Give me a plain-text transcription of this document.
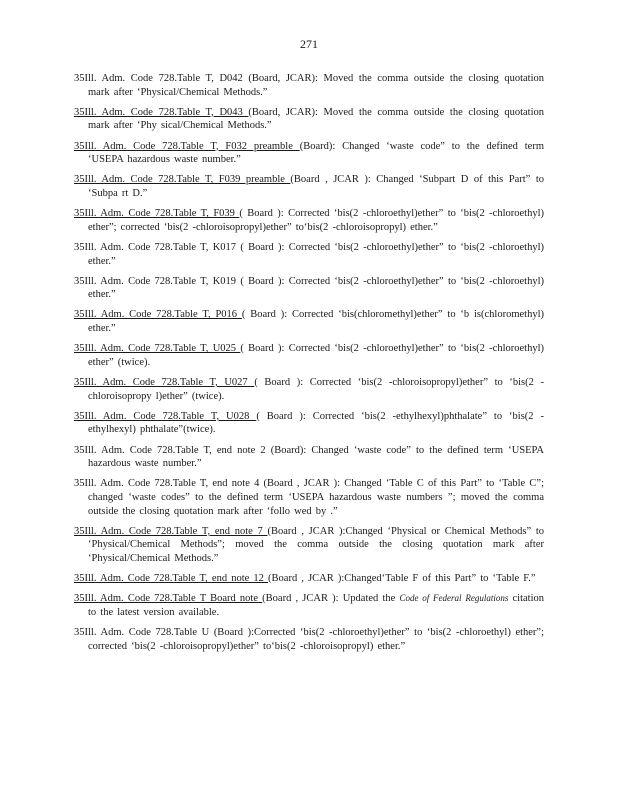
271

35Ill. Adm. Code 728.Table T, D042 (Board, JCAR): Moved the comma outside the closing quotation mark after ‘Physical/Chemical Methods.”

35Ill. Adm. Code 728.Table T, D043 (Board, JCAR): Moved the comma outside the closing quotation mark after ‘Phy sical/Chemical Methods.”

35Ill. Adm. Code 728.Table T, F032 preamble (Board): Changed ‘waste code” to the defined term ‘USEPA hazardous waste number.”

35Ill. Adm. Code 728.Table T, F039 preamble (Board , JCAR ): Changed ‘Subpart D of this Part” to ‘Subpa rt D.”

35Ill. Adm. Code 728.Table T, F039 ( Board ): Corrected ‘bis(2 -chloroethyl)ether” to ‘bis(2 -chloroethyl) ether”; corrected ‘bis(2 -chloroisopropyl)ether” to‘bis(2 -chloroisopropyl) ether.”

35Ill. Adm. Code 728.Table T, K017 ( Board ): Corrected ‘bis(2 -chloroethyl)ether” to ‘bis(2 -chloroethyl) ether.”

35Ill. Adm. Code 728.Table T, K019 ( Board ): Corrected ‘bis(2 -chloroethyl)ether” to ‘bis(2 -chloroethyl) ether.”

35Ill. Adm. Code 728.Table T, P016 ( Board ): Corrected ‘bis(chloromethyl)ether” to ‘b is(chloromethyl) ether.”

35Ill. Adm. Code 728.Table T, U025 ( Board ): Corrected ‘bis(2 -chloroethyl)ether” to ‘bis(2 -chloroethyl) ether” (twice).

35Ill. Adm. Code 728.Table T, U027 ( Board ): Corrected ‘bis(2 -chloroisopropyl)ether” to ‘bis(2 -chloroisopropy l)ether” (twice).

35Ill. Adm. Code 728.Table T, U028 ( Board ): Corrected ‘bis(2 -ethylhexyl)phthalate” to ‘bis(2 -ethylhexyl) phthalate”(twice).

35Ill. Adm. Code 728.Table T, end note 2 (Board): Changed ‘waste code” to the defined term ‘USEPA hazardous waste number.”

35Ill. Adm. Code 728.Table T, end note 4 (Board , JCAR ): Changed ‘Table C of this Part” to ‘Table C”; changed ‘waste codes” to the defined term ‘USEPA hazardous waste numbers ”; moved the comma outside the closing quotation mark after ‘follo wed by .”

35Ill. Adm. Code 728.Table T, end note 7 (Board , JCAR ):Changed ‘Physical or Chemical Methods” to ‘Physical/Chemical Methods”; moved the comma outside the closing quotation mark after ‘Physical/Chemical Methods.”

35Ill. Adm. Code 728.Table T, end note 12 (Board , JCAR ):Changed‘Table F of this Part” to ‘Table F.”

35Ill. Adm. Code 728.Table T Board note (Board , JCAR ): Updated the Code of Federal Regulations citation to the latest version available.

35Ill. Adm. Code 728.Table U (Board ):Corrected ‘bis(2 -chloroethyl)ether” to ‘bis(2 -chloroethyl) ether”; corrected ‘bis(2 -chloroisopropyl)ether” to‘bis(2 -chloroisopropyl) ether.”
